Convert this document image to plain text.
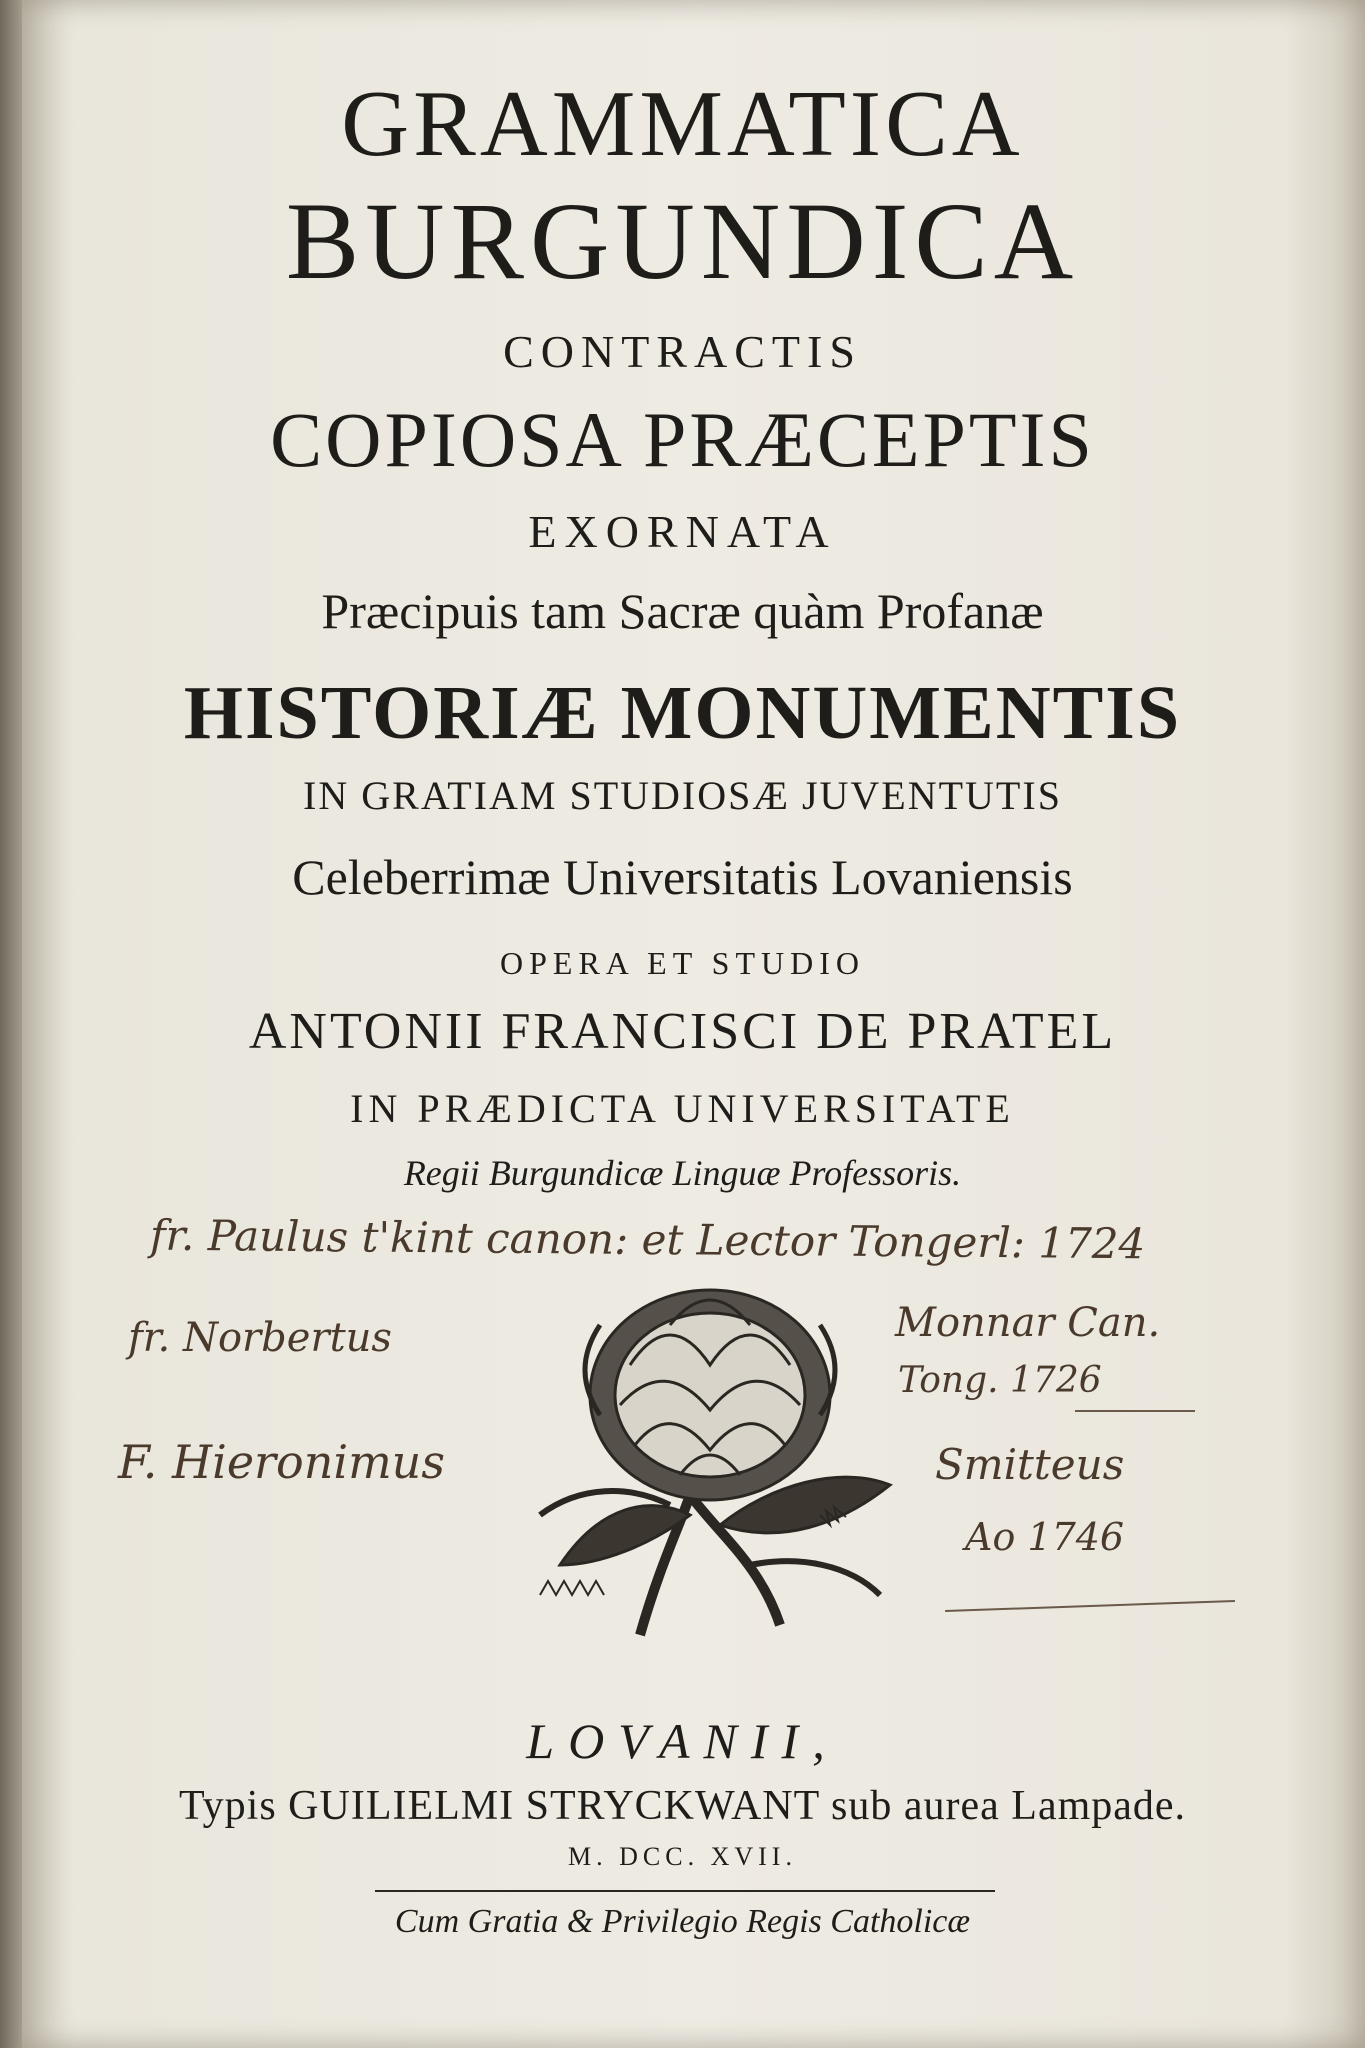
GRAMMATICA
BURGUNDICA
CONTRACTIS
COPIOSA PRÆCEPTIS
EXORNATA
Præcipuis tam Sacræ quàm Profanæ
HISTORIÆ MONUMENTIS
IN GRATIAM STUDIOSÆ JUVENTUTIS
Celeberrimæ Universitatis Lovaniensis
OPERA ET STUDIO
ANTONII FRANCISCI DE PRATEL
IN PRÆDICTA UNIVERSITATE
Regii Burgundicæ Linguæ Professoris.
fr. Paulus t'kint canon: et Lector Tongerl: 1724
fr. Norbertus	Monnar Can.
Tong. 1726
F. Hieronimus	Smitteus
Ao 1746
LOVANII,
Typis GUILIELMI STRYCKWANT sub aurea Lampade.
M. DCC. XVII.
Cum Gratia & Privilegio Regis Catholicæ
